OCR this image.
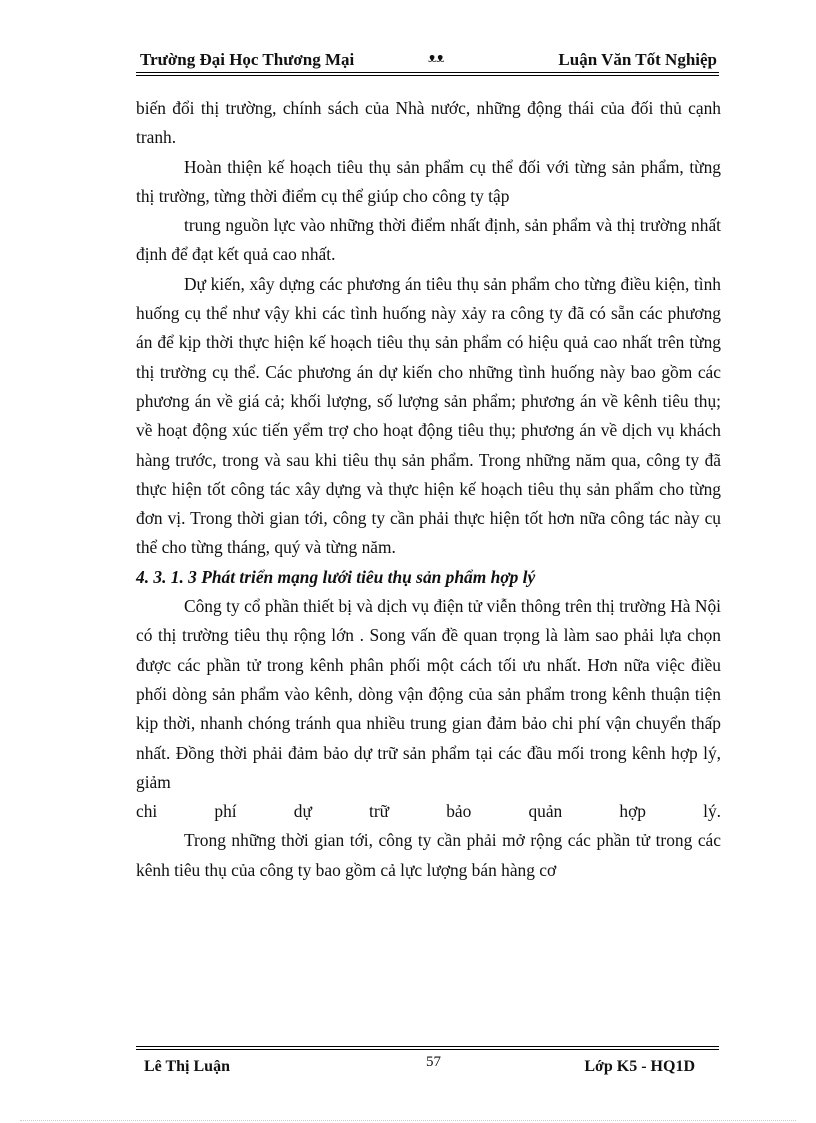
Trường Đại Học Thương Mại	ᴥᴥ	Luận Văn Tốt Nghiệp

biến đổi thị trường, chính sách của Nhà nước, những động thái của đối thủ cạnh tranh.

Hoàn thiện kế hoạch tiêu thụ sản phẩm cụ thể đối với từng sản phẩm, từng thị trường, từng thời điểm cụ thể giúp cho công ty tập

trung nguồn lực vào những thời điểm nhất định, sản phẩm và thị trường nhất định để đạt kết quả cao nhất.

Dự kiến, xây dựng các phương án tiêu thụ sản phẩm cho từng điều kiện, tình huống cụ thể như vậy khi các tình huống này xảy ra công ty đã có sẵn các phương án để kịp thời thực hiện kế hoạch tiêu thụ sản phẩm có hiệu quả cao nhất trên từng thị trường cụ thể. Các phương án dự kiến cho những tình huống này bao gồm các phương án về giá cả; khối lượng, số lượng sản phẩm; phương án về kênh tiêu thụ; về hoạt động xúc tiến yểm trợ cho hoạt động tiêu thụ; phương án về dịch vụ khách hàng trước, trong và sau khi tiêu thụ sản phẩm. Trong những năm qua, công ty đã thực hiện tốt công tác xây dựng và thực hiện kế hoạch tiêu thụ sản phẩm cho từng đơn vị. Trong thời gian tới, công ty cần phải thực hiện tốt hơn nữa công tác này cụ thể cho từng tháng, quý và từng năm.

4. 3. 1. 3 Phát triển mạng lưới tiêu thụ sản phẩm hợp lý

Công ty cổ phần thiết bị và dịch vụ điện tử viễn thông trên thị trường Hà Nội có thị trường tiêu thụ rộng lớn . Song vấn đề quan trọng là làm sao phải lựa chọn được các phần tử trong kênh phân phối một cách tối ưu nhất. Hơn nữa việc điều phối dòng sản phẩm vào kênh, dòng vận động của sản phẩm trong kênh thuận tiện kịp thời, nhanh chóng tránh qua nhiều trung gian đảm bảo chi phí vận chuyển thấp nhất. Đồng thời phải đảm bảo dự trữ sản phẩm tại các đầu mối trong kênh hợp lý, giảm

chi phí dự trữ bảo quản hợp lý.

Trong những thời gian tới, công ty cần phải mở rộng các phần tử trong các kênh tiêu thụ của công ty bao gồm cả lực lượng bán hàng cơ

Lê Thị Luận	57	Lớp K5 - HQ1D
